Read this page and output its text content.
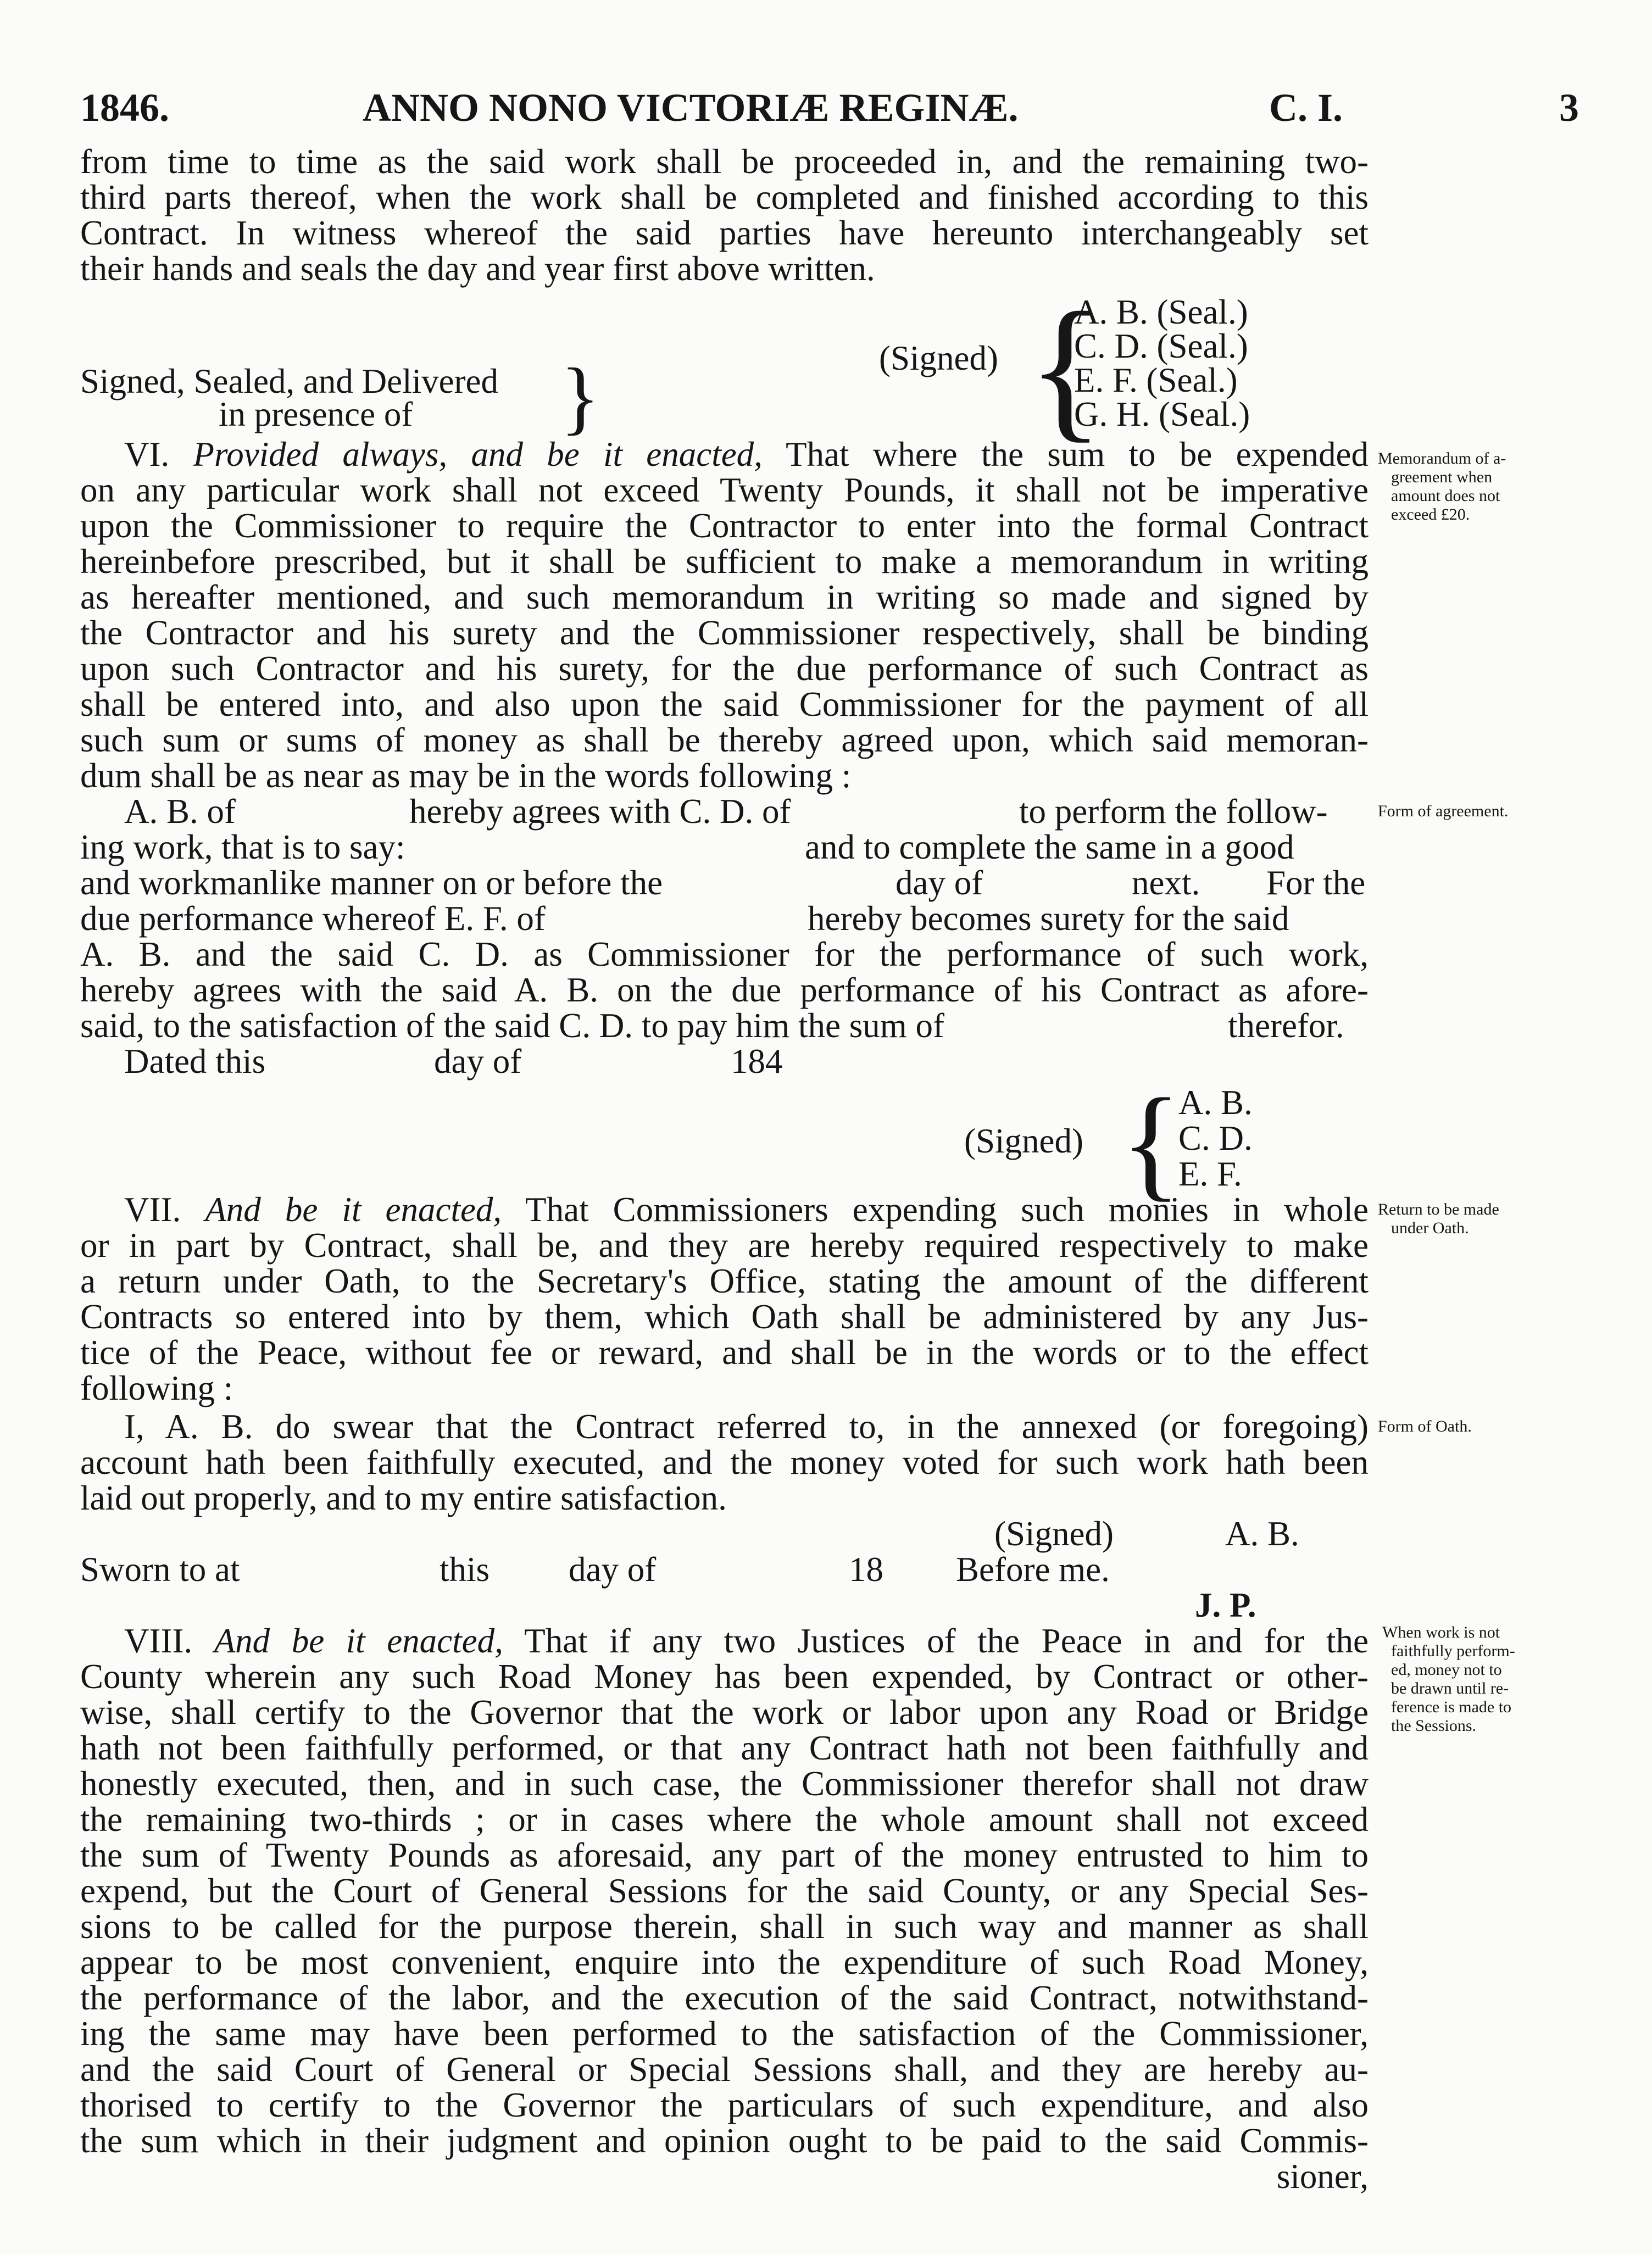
1846.	ANNO NONO VICTORIÆ REGINÆ.	C. I.	3
from time to time as the said work shall be proceeded in, and the remaining two-
third parts thereof, when the work shall be completed and finished according to this
Contract. In witness whereof the said parties have hereunto interchangeably set
their hands and seals the day and year first above written.
(Signed) {
A. B. (Seal.)
C. D. (Seal.)
E. F. (Seal.)
G. H. (Seal.)
Signed, Sealed, and Delivered
in presence of }
VI. Provided always, and be it enacted, That where the sum to be expended
on any particular work shall not exceed Twenty Pounds, it shall not be imperative
upon the Commissioner to require the Contractor to enter into the formal Contract
hereinbefore prescribed, but it shall be sufficient to make a memorandum in writing
as hereafter mentioned, and such memorandum in writing so made and signed by
the Contractor and his surety and the Commissioner respectively, shall be binding
upon such Contractor and his surety, for the due performance of such Contract as
shall be entered into, and also upon the said Commissioner for the payment of all
such sum or sums of money as shall be thereby agreed upon, which said memoran-
dum shall be as near as may be in the words following :
A. B. of	hereby agrees with C. D. of	to perform the follow-
ing work, that is to say:	and to complete the same in a good
and workmanlike manner on or before the	day of	next. For the
due performance whereof E. F. of	hereby becomes surety for the said
A. B. and the said C. D. as Commissioner for the performance of such work,
hereby agrees with the said A. B. on the due performance of his Contract as afore-
said, to the satisfaction of the said C. D. to pay him the sum of	therefor.
Dated this	day of	184
(Signed) {
A. B.
C. D.
E. F.
VII. And be it enacted, That Commissioners expending such monies in whole
or in part by Contract, shall be, and they are hereby required respectively to make
a return under Oath, to the Secretary's Office, stating the amount of the different
Contracts so entered into by them, which Oath shall be administered by any Jus-
tice of the Peace, without fee or reward, and shall be in the words or to the effect
following :
I, A. B. do swear that the Contract referred to, in the annexed (or foregoing)
account hath been faithfully executed, and the money voted for such work hath been
laid out properly, and to my entire satisfaction.
(Signed)	A. B.
Sworn to at	this day of	18 Before me.
J. P.
VIII. And be it enacted, That if any two Justices of the Peace in and for the
County wherein any such Road Money has been expended, by Contract or other-
wise, shall certify to the Governor that the work or labor upon any Road or Bridge
hath not been faithfully performed, or that any Contract hath not been faithfully and
honestly executed, then, and in such case, the Commissioner therefor shall not draw
the remaining two-thirds ; or in cases where the whole amount shall not exceed
the sum of Twenty Pounds as aforesaid, any part of the money entrusted to him to
expend, but the Court of General Sessions for the said County, or any Special Ses-
sions to be called for the purpose therein, shall in such way and manner as shall
appear to be most convenient, enquire into the expenditure of such Road Money,
the performance of the labor, and the execution of the said Contract, notwithstand-
ing the same may have been performed to the satisfaction of the Commissioner,
and the said Court of General or Special Sessions shall, and they are hereby au-
thorised to certify to the Governor the particulars of such expenditure, and also
the sum which in their judgment and opinion ought to be paid to the said Commis-
sioner,
Memorandum of a-
greement when
amount does not
exceed £20.
Form of agreement.
Return to be made
under Oath.
Form of Oath.
When work is not
faithfully perform-
ed, money not to
be drawn until re-
ference is made to
the Sessions.
